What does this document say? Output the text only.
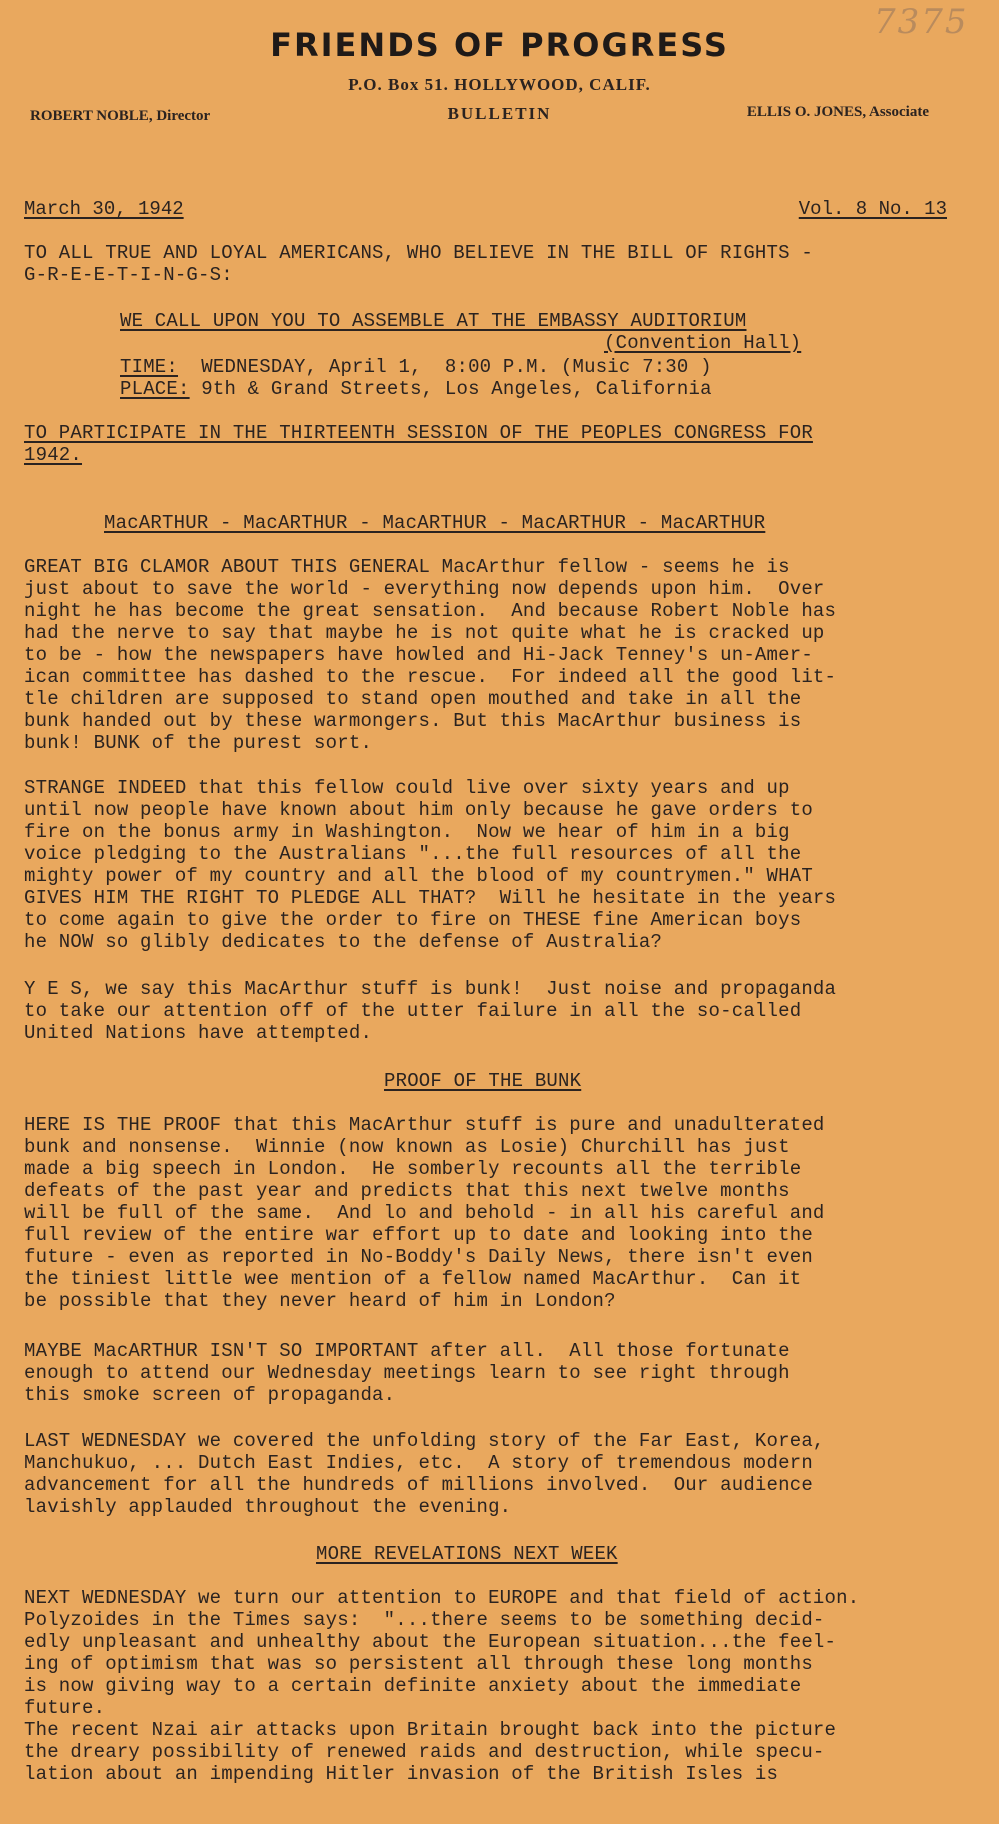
7375
FRIENDS OF PROGRESS
P.O. Box 51. HOLLYWOOD, CALIF.
ROBERT NOBLE, Director	BULLETIN	ELLIS O. JONES, Associate
March 30, 1942	Vol. 8 No. 13
TO ALL TRUE AND LOYAL AMERICANS, WHO BELIEVE IN THE BILL OF RIGHTS -
G-R-E-E-T-I-N-G-S:
WE CALL UPON YOU TO ASSEMBLE AT THE EMBASSY AUDITORIUM
(Convention Hall)
TIME: WEDNESDAY, April 1,  8:00 P.M. (Music 7:30 )
PLACE: 9th & Grand Streets, Los Angeles, California
TO PARTICIPATE IN THE THIRTEENTH SESSION OF THE PEOPLES CONGRESS FOR
1942.
MacARTHUR - MacARTHUR - MacARTHUR - MacARTHUR - MacARTHUR
GREAT BIG CLAMOR ABOUT THIS GENERAL MacArthur fellow - seems he is
just about to save the world - everything now depends upon him.  Over
night he has become the great sensation.  And because Robert Noble has
had the nerve to say that maybe he is not quite what he is cracked up
to be - how the newspapers have howled and Hi-Jack Tenney's un-Amer-
ican committee has dashed to the rescue.  For indeed all the good lit-
tle children are supposed to stand open mouthed and take in all the
bunk handed out by these warmongers. But this MacArthur business is
bunk! BUNK of the purest sort.
STRANGE INDEED that this fellow could live over sixty years and up
until now people have known about him only because he gave orders to
fire on the bonus army in Washington.  Now we hear of him in a big
voice pledging to the Australians "...the full resources of all the
mighty power of my country and all the blood of my countrymen." WHAT
GIVES HIM THE RIGHT TO PLEDGE ALL THAT?  Will he hesitate in the years
to come again to give the order to fire on THESE fine American boys
he NOW so glibly dedicates to the defense of Australia?
Y E S, we say this MacArthur stuff is bunk!  Just noise and propaganda
to take our attention off of the utter failure in all the so-called
United Nations have attempted.
PROOF OF THE BUNK
HERE IS THE PROOF that this MacArthur stuff is pure and unadulterated
bunk and nonsense.  Winnie (now known as Losie) Churchill has just
made a big speech in London.  He somberly recounts all the terrible
defeats of the past year and predicts that this next twelve months
will be full of the same.  And lo and behold - in all his careful and
full review of the entire war effort up to date and looking into the
future - even as reported in No-Boddy's Daily News, there isn't even
the tiniest little wee mention of a fellow named MacArthur.  Can it
be possible that they never heard of him in London?
MAYBE MacARTHUR ISN'T SO IMPORTANT after all.  All those fortunate
enough to attend our Wednesday meetings learn to see right through
this smoke screen of propaganda.
LAST WEDNESDAY we covered the unfolding story of the Far East, Korea,
Manchukuo, ... Dutch East Indies, etc.  A story of tremendous modern
advancement for all the hundreds of millions involved.  Our audience
lavishly applauded throughout the evening.
MORE REVELATIONS NEXT WEEK
NEXT WEDNESDAY we turn our attention to EUROPE and that field of action.
Polyzoides in the Times says:  "...there seems to be something decid-
edly unpleasant and unhealthy about the European situation...the feel-
ing of optimism that was so persistent all through these long months
is now giving way to a certain definite anxiety about the immediate
future.
The recent Nzai air attacks upon Britain brought back into the picture
the dreary possibility of renewed raids and destruction, while specu-
lation about an impending Hitler invasion of the British Isles is
